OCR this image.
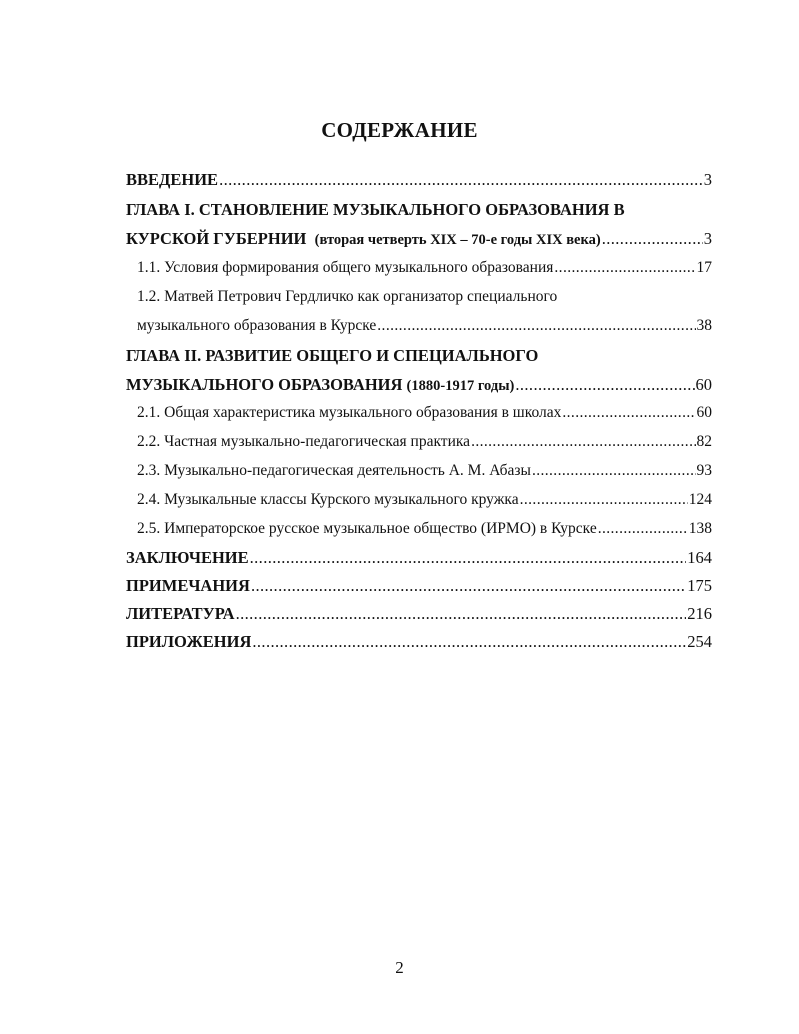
СОДЕРЖАНИЕ
ВВЕДЕНИЕ .....	3
ГЛАВА I. СТАНОВЛЕНИЕ МУЗЫКАЛЬНОГО ОБРАЗОВАНИЯ В
КУРСКОЙ ГУБЕРНИИ (вторая четверть XIX – 70-е годы XIX века) .....	3
1.1. Условия формирования общего музыкального образования .....	17
1.2. Матвей Петрович Гердличко как организатор специального
музыкального образования в Курске .....	38
ГЛАВА II. РАЗВИТИЕ ОБЩЕГО И СПЕЦИАЛЬНОГО
МУЗЫКАЛЬНОГО ОБРАЗОВАНИЯ (1880-1917 годы) .....	60
2.1. Общая характеристика музыкального образования в школах .....	60
2.2. Частная музыкально-педагогическая практика .....	82
2.3. Музыкально-педагогическая деятельность А. М. Абазы .....	93
2.4. Музыкальные классы Курского музыкального кружка .....	124
2.5. Императорское русское музыкальное общество (ИРМО) в Курске .....	138
ЗАКЛЮЧЕНИЕ .....	164
ПРИМЕЧАНИЯ .....	175
ЛИТЕРАТУРА .....	216
ПРИЛОЖЕНИЯ .....	254
2
